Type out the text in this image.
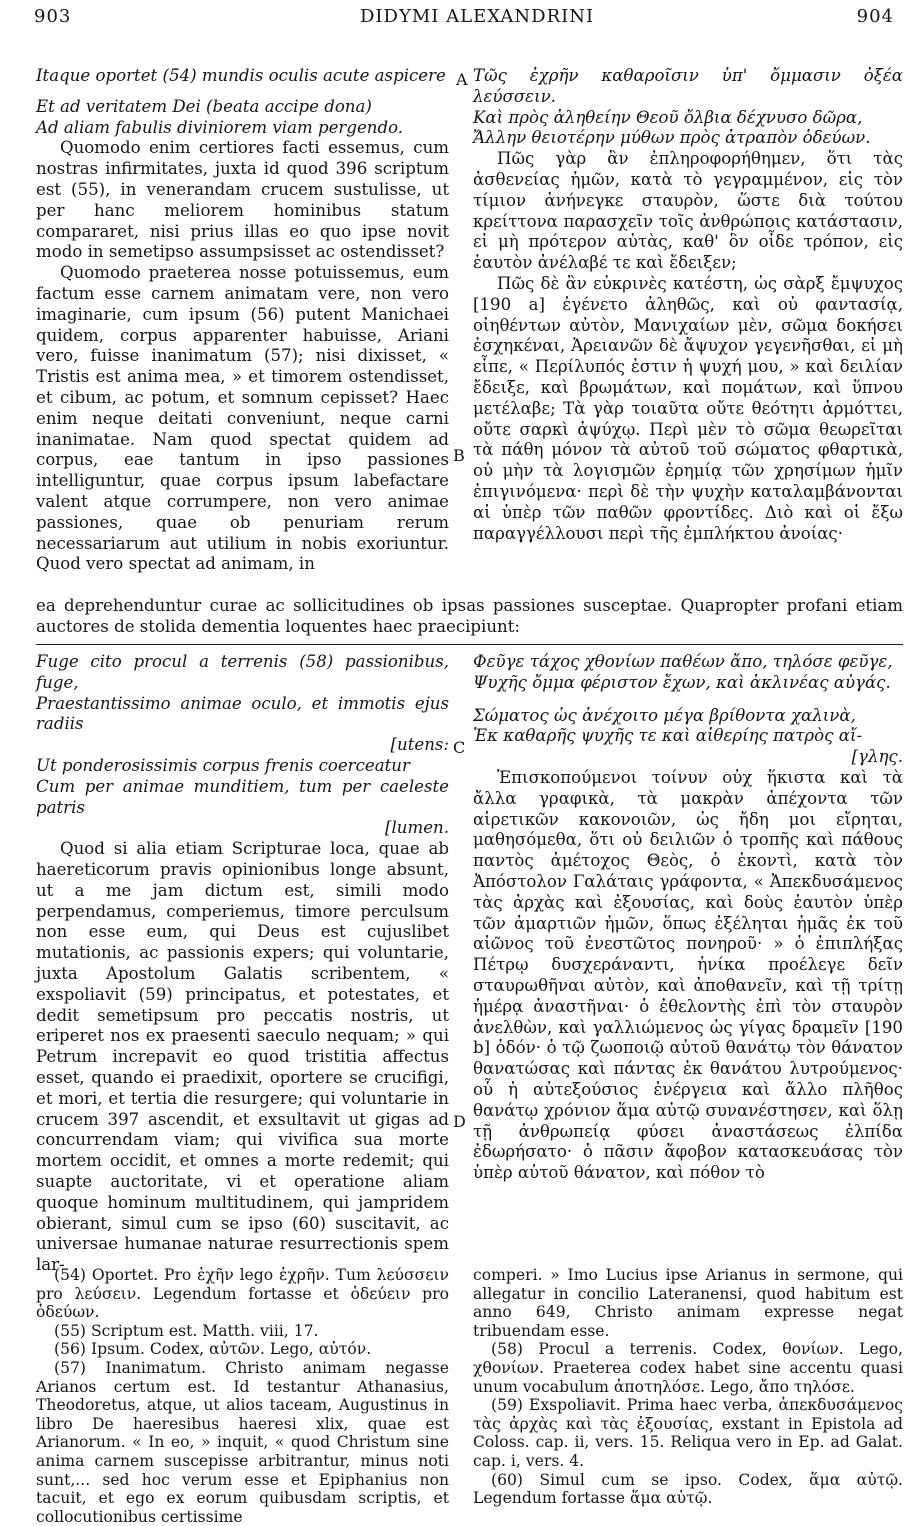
903	DIDYMI ALEXANDRINI	904
A
B
C
D

Itaque oportet (54) mundis oculis acute aspicere

Et ad veritatem Dei (beata accipe dona)

Ad aliam fabulis diviniorem viam pergendo.

Quomodo enim certiores facti essemus, cum nostras infirmitates, juxta id quod 396 scriptum est (55), in venerandam crucem sustulisse, ut per hanc meliorem hominibus statum compararet, nisi prius illas eo quo ipse novit modo in semetipso assumpsisset ac ostendisset?

Quomodo praeterea nosse potuissemus, eum factum esse carnem animatam vere, non vero imaginarie, cum ipsum (56) putent Manichaei quidem, corpus apparenter habuisse, Ariani vero, fuisse inanimatum (57); nisi dixisset, « Tristis est anima mea, » et timorem ostendisset, et cibum, ac potum, et somnum cepisset? Haec enim neque deitati conveniunt, neque carni inanimatae. Nam quod spectat quidem ad corpus, eae tantum in ipso passiones intelliguntur, quae corpus ipsum labefactare valent atque corrumpere, non vero animae passiones, quae ob penuriam rerum necessariarum aut utilium in nobis exoriuntur. Quod vero spectat ad animam, in

Τῶς ἐχρῆν καθαροῖσιν ὑπ' ὄμμασιν ὀξέα λεύσσειν.

Καὶ πρὸς ἀληθείην Θεοῦ ὄλβια δέχνυσο δῶρα,

Ἄλλην θειοτέρην μύθων πρὸς ἀτραπὸν ὁδεύων.

Πῶς γὰρ ἂν ἐπληροφορήθημεν, ὅτι τὰς ἀσθενείας ἡμῶν, κατὰ τὸ γεγραμμένον, εἰς τὸν τίμιον ἀνήνεγκε σταυρὸν, ὥστε διὰ τούτου κρείττονα παρασχεῖν τοῖς ἀνθρώποις κατάστασιν, εἰ μὴ πρότερον αὐτὰς, καθ' ὃν οἶδε τρόπον, εἰς ἑαυτὸν ἀνέλαβέ τε καὶ ἔδειξεν;

Πῶς δὲ ἂν εὐκρινὲς κατέστη, ὡς σὰρξ ἔμψυχος [190 a] ἐγένετο ἀληθῶς, καὶ οὐ φαντασίᾳ, οἰηθέντων αὐτὸν, Μανιχαίων μὲν, σῶμα δοκήσει ἐσχηκέναι, Ἀρειανῶν δὲ ἄψυχον γεγενῆσθαι, εἰ μὴ εἶπε, « Περίλυπός ἐστιν ἡ ψυχή μου, » καὶ δειλίαν ἔδειξε, καὶ βρωμάτων, καὶ πομάτων, καὶ ὕπνου μετέλαβε; Τὰ γὰρ τοιαῦτα οὔτε θεότητι ἁρμόττει, οὔτε σαρκὶ ἀψύχῳ. Περὶ μὲν τὸ σῶμα θεωρεῖται τὰ πάθη μόνον τὰ αὐτοῦ τοῦ σώματος φθαρτικὰ, οὐ μὴν τὰ λογισμῶν ἐρημίᾳ τῶν χρησίμων ἡμῖν ἐπιγινόμενα· περὶ δὲ τὴν ψυχὴν καταλαμβάνονται αἱ ὑπὲρ τῶν παθῶν φροντίδες. Διὸ καὶ οἱ ἔξω παραγγέλλουσι περὶ τῆς ἐμπλήκτου ἀνοίας·

ea deprehenduntur curae ac sollicitudines ob ipsas passiones susceptae. Quapropter profani etiam auctores de stolida dementia loquentes haec praecipiunt:

Fuge cito procul a terrenis (58) passionibus, fuge,

Praestantissimo animae oculo, et immotis ejus radiis

[utens:

Ut ponderosissimis corpus frenis coerceatur

Cum per animae munditiem, tum per caeleste patris

[lumen.

Quod si alia etiam Scripturae loca, quae ab haereticorum pravis opinionibus longe absunt, ut a me jam dictum est, simili modo perpendamus, comperiemus, timore perculsum non esse eum, qui Deus est cujuslibet mutationis, ac passionis expers; qui voluntarie, juxta Apostolum Galatis scribentem, « exspoliavit (59) principatus, et potestates, et dedit semetipsum pro peccatis nostris, ut eriperet nos ex praesenti saeculo nequam; » qui Petrum increpavit eo quod tristitia affectus esset, quando ei praedixit, oportere se crucifigi, et mori, et tertia die resurgere; qui voluntarie in crucem 397 ascendit, et exsultavit ut gigas ad concurrendam viam; qui vivifica sua morte mortem occidit, et omnes a morte redemit; qui suapte auctoritate, vi et operatione aliam quoque hominum multitudinem, qui jampridem obierant, simul cum se ipso (60) suscitavit, ac universae humanae naturae resurrectionis spem lar-

Φεῦγε τάχος χθονίων παθέων ἄπο, τηλόσε φεῦγε,

Ψυχῆς ὄμμα φέριστον ἔχων, καὶ ἀκλινέας αὐγάς.

Σώματος ὡς ἀνέχοιτο μέγα βρίθοντα χαλινὰ,

Ἐκ καθαρῆς ψυχῆς τε καὶ αἰθερίης πατρὸς αἴ-

[γλης.

Ἐπισκοπούμενοι τοίνυν οὐχ ἥκιστα καὶ τὰ ἄλλα γραφικὰ, τὰ μακρὰν ἀπέχοντα τῶν αἱρετικῶν κακονοιῶν, ὡς ἤδη μοι εἴρηται, μαθησόμεθα, ὅτι οὐ δειλιῶν ὁ τροπῆς καὶ πάθους παντὸς ἀμέτοχος Θεὸς, ὁ ἑκοντὶ, κατὰ τὸν Ἀπόστολον Γαλάταις γράφοντα, « Ἀπεκδυσάμενος τὰς ἀρχὰς καὶ ἐξουσίας, καὶ δοὺς ἑαυτὸν ὑπὲρ τῶν ἁμαρτιῶν ἡμῶν, ὅπως ἐξέληται ἡμᾶς ἐκ τοῦ αἰῶνος τοῦ ἐνεστῶτος πονηροῦ· » ὁ ἐπιπλήξας Πέτρῳ δυσχεράναντι, ἡνίκα προέλεγε δεῖν σταυρωθῆναι αὐτὸν, καὶ ἀποθανεῖν, καὶ τῇ τρίτῃ ἡμέρᾳ ἀναστῆναι· ὁ ἐθελοντὴς ἐπὶ τὸν σταυρὸν ἀνελθὼν, καὶ γαλλιώμενος ὡς γίγας δραμεῖν [190 b] ὁδόν· ὁ τῷ ζωοποιῷ αὐτοῦ θανάτῳ τὸν θάνατον θανατώσας καὶ πάντας ἐκ θανάτου λυτρούμενος· οὗ ἡ αὐτεξούσιος ἐνέργεια καὶ ἄλλο πλῆθος θανάτῳ χρόνιον ἅμα αὐτῷ συνανέστησεν, καὶ ὅλῃ τῇ ἀνθρωπείᾳ φύσει ἀναστάσεως ἐλπίδα ἐδωρήσατο· ὁ πᾶσιν ἄφοβον κατασκευάσας τὸν ὑπὲρ αὐτοῦ θάνατον, καὶ πόθον τὸ

(54) Oportet. Pro ἐχῆν lego ἐχρῆν. Tum λεύσσειν pro λεύσειν. Legendum fortasse et ὁδεύειν pro ὁδεύων.

(55) Scriptum est. Matth. viii, 17.

(56) Ipsum. Codex, αὐτῶν. Lego, αὐτόν.

(57) Inanimatum. Christo animam negasse Arianos certum est. Id testantur Athanasius, Theodoretus, atque, ut alios taceam, Augustinus in libro De haeresibus haeresi xlix, quae est Arianorum. « In eo, » inquit, « quod Christum sine anima carnem suscepisse arbitrantur, minus noti sunt,... sed hoc verum esse et Epiphanius non tacuit, et ego ex eorum quibusdam scriptis, et collocutionibus certissime

comperi. » Imo Lucius ipse Arianus in sermone, qui allegatur in concilio Lateranensi, quod habitum est anno 649, Christo animam expresse negat tribuendam esse.

(58) Procul a terrenis. Codex, θονίων. Lego, χθονίων. Praeterea codex habet sine accentu quasi unum vocabulum ἀποτηλόσε. Lego, ἄπο τηλόσε.

(59) Exspoliavit. Prima haec verba, ἀπεκδυσάμενος τὰς ἀρχὰς καὶ τὰς ἐξουσίας, exstant in Epistola ad Coloss. cap. ii, vers. 15. Reliqua vero in Ep. ad Galat. cap. i, vers. 4.

(60) Simul cum se ipso. Codex, ἅμα αὐτῷ. Legendum fortasse ἅμα αὐτῷ.
